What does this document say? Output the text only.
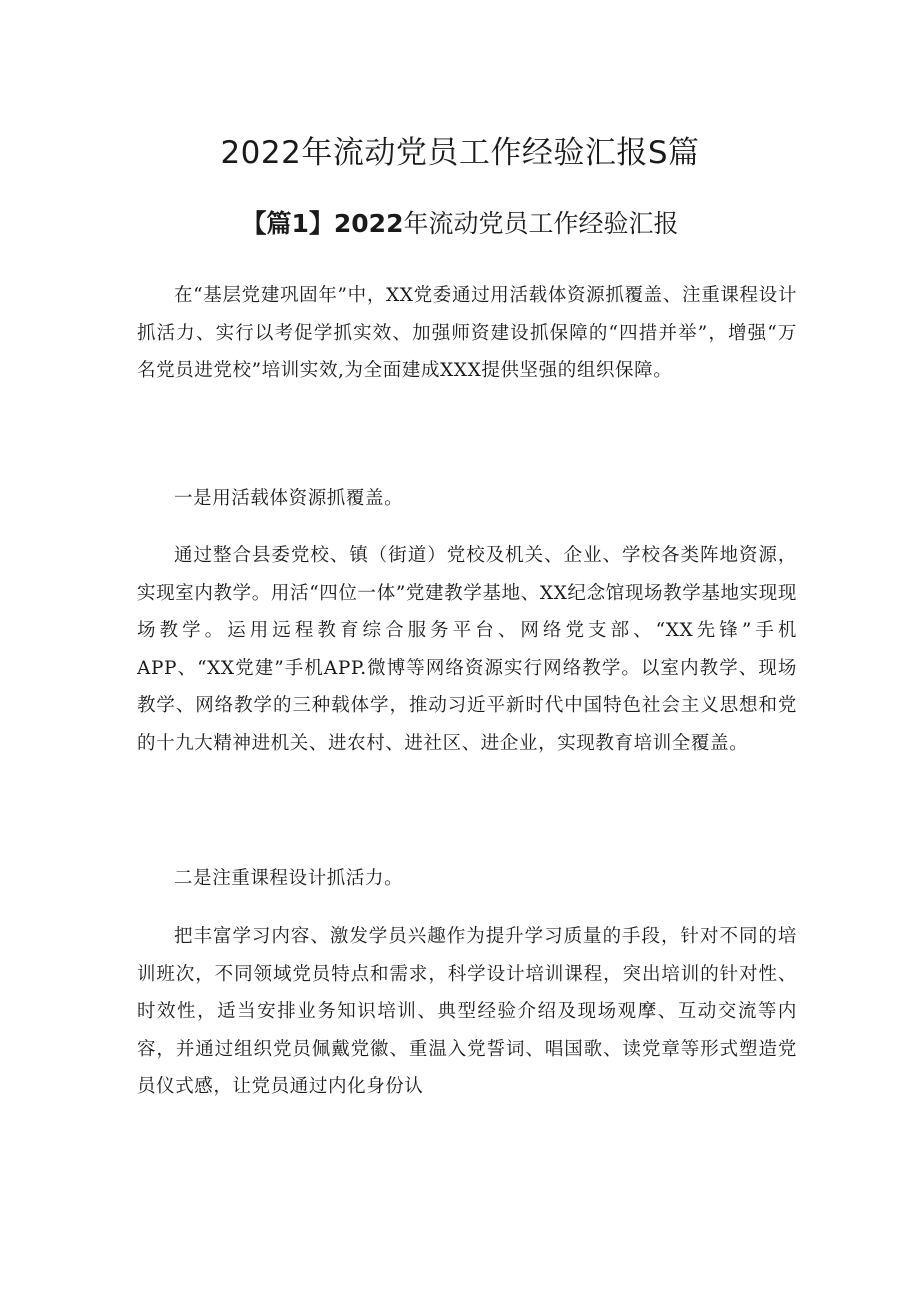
2022年流动党员工作经验汇报S篇
【篇1】2022年流动党员工作经验汇报

在“基层党建巩固年”中，XX党委通过用活载体资源抓覆盖、注重课程设计抓活力、实行以考促学抓实效、加强师资建设抓保障的“四措并举”，增强“万名党员进党校”培训实效,为全面建成XXX提供坚强的组织保障。

一是用活载体资源抓覆盖。

通过整合县委党校、镇（街道）党校及机关、企业、学校各类阵地资源，实现室内教学。用活“四位一体”党建教学基地、XX纪念馆现场教学基地实现现场教学。运用远程教育综合服务平台、网络党支部、“XX先锋”手机APP、“XX党建”手机APP.微博等网络资源实行网络教学。以室内教学、现场教学、网络教学的三种载体学，推动习近平新时代中国特色社会主义思想和党的十九大精神进机关、进农村、进社区、进企业，实现教育培训全覆盖。

二是注重课程设计抓活力。

把丰富学习内容、激发学员兴趣作为提升学习质量的手段，针对不同的培训班次，不同领域党员特点和需求，科学设计培训课程，突出培训的针对性、时效性，适当安排业务知识培训、典型经验介绍及现场观摩、互动交流等内容，并通过组织党员佩戴党徽、重温入党誓词、唱国歌、读党章等形式塑造党员仪式感，让党员通过内化身份认
